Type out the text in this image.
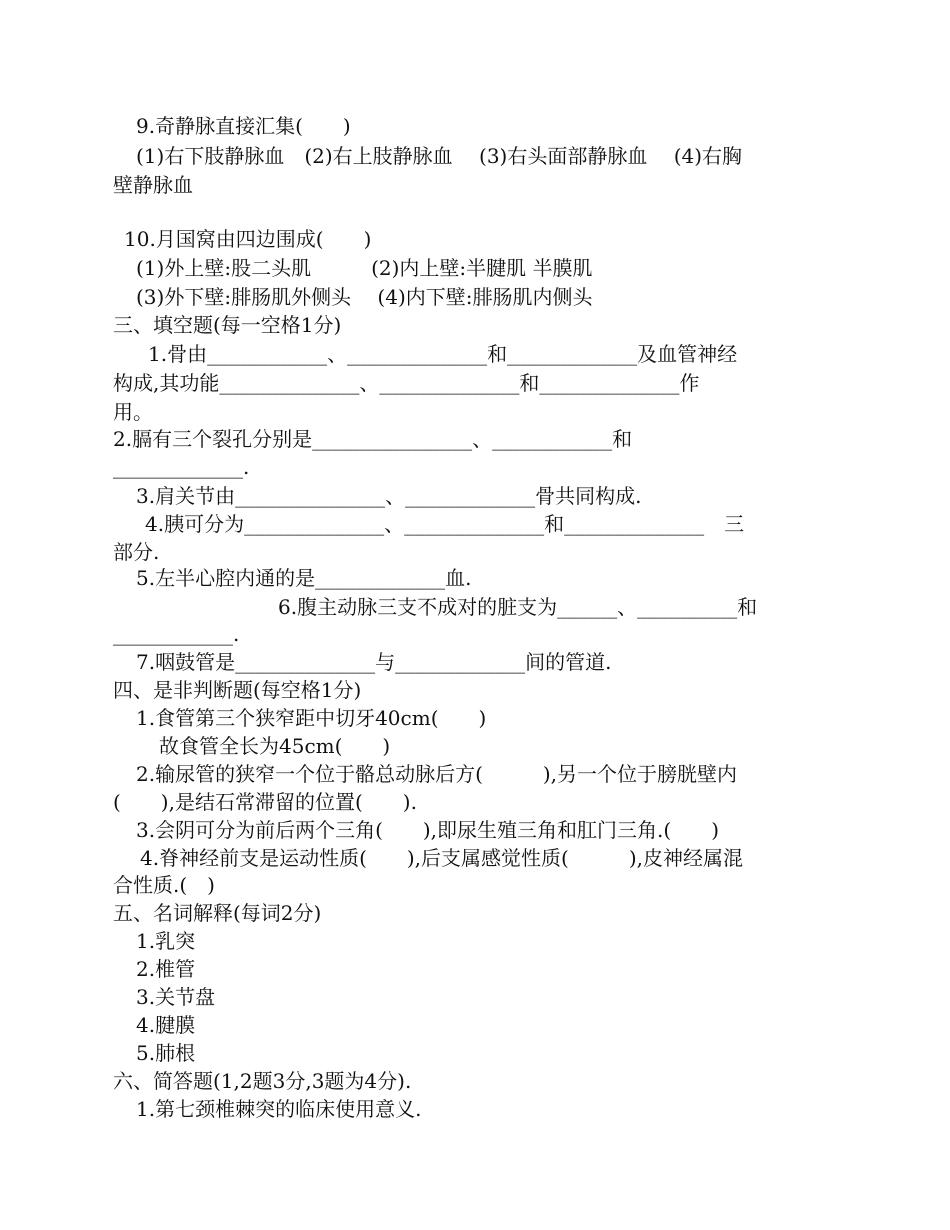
9.奇静脉直接汇集(　　)
(1)右下肢静脉血　(2)右上肢静脉血　 (3)右头面部静脉血　 (4)右胸
壁静脉血
10.月国窝由四边围成(　　)
(1)外上壁:股二头肌　　　(2)内上壁:半腱肌 半膜肌
(3)外下壁:腓肠肌外侧头　 (4)内下壁:腓肠肌内侧头
三、填空题(每一空格1分)
1.骨由____________、______________和_____________及血管神经
构成,其功能______________、______________和______________作
用。
2.膈有三个裂孔分别是________________、____________和
_____________.
3.肩关节由_______________、_____________骨共同构成.
4.胰可分为______________、______________和______________　三
部分.
5.左半心腔内通的是_____________血.
6.腹主动脉三支不成对的脏支为______、__________和
____________.
7.咽鼓管是______________与_____________间的管道.
四、是非判断题(每空格1分)
1.食管第三个狭窄距中切牙40cm(　　)
故食管全长为45cm(　　)
2.输尿管的狭窄一个位于骼总动脉后方(　　　),另一个位于膀胱壁内
(　　),是结石常滞留的位置(　　).
3.会阴可分为前后两个三角(　　),即尿生殖三角和肛门三角.(　　)
4.脊神经前支是运动性质(　　),后支属感觉性质(　　　),皮神经属混
合性质.(　)
五、名词解释(每词2分)
1.乳突
2.椎管
3.关节盘
4.腱膜
5.肺根
六、简答题(1,2题3分,3题为4分).
1.第七颈椎棘突的临床使用意义.
